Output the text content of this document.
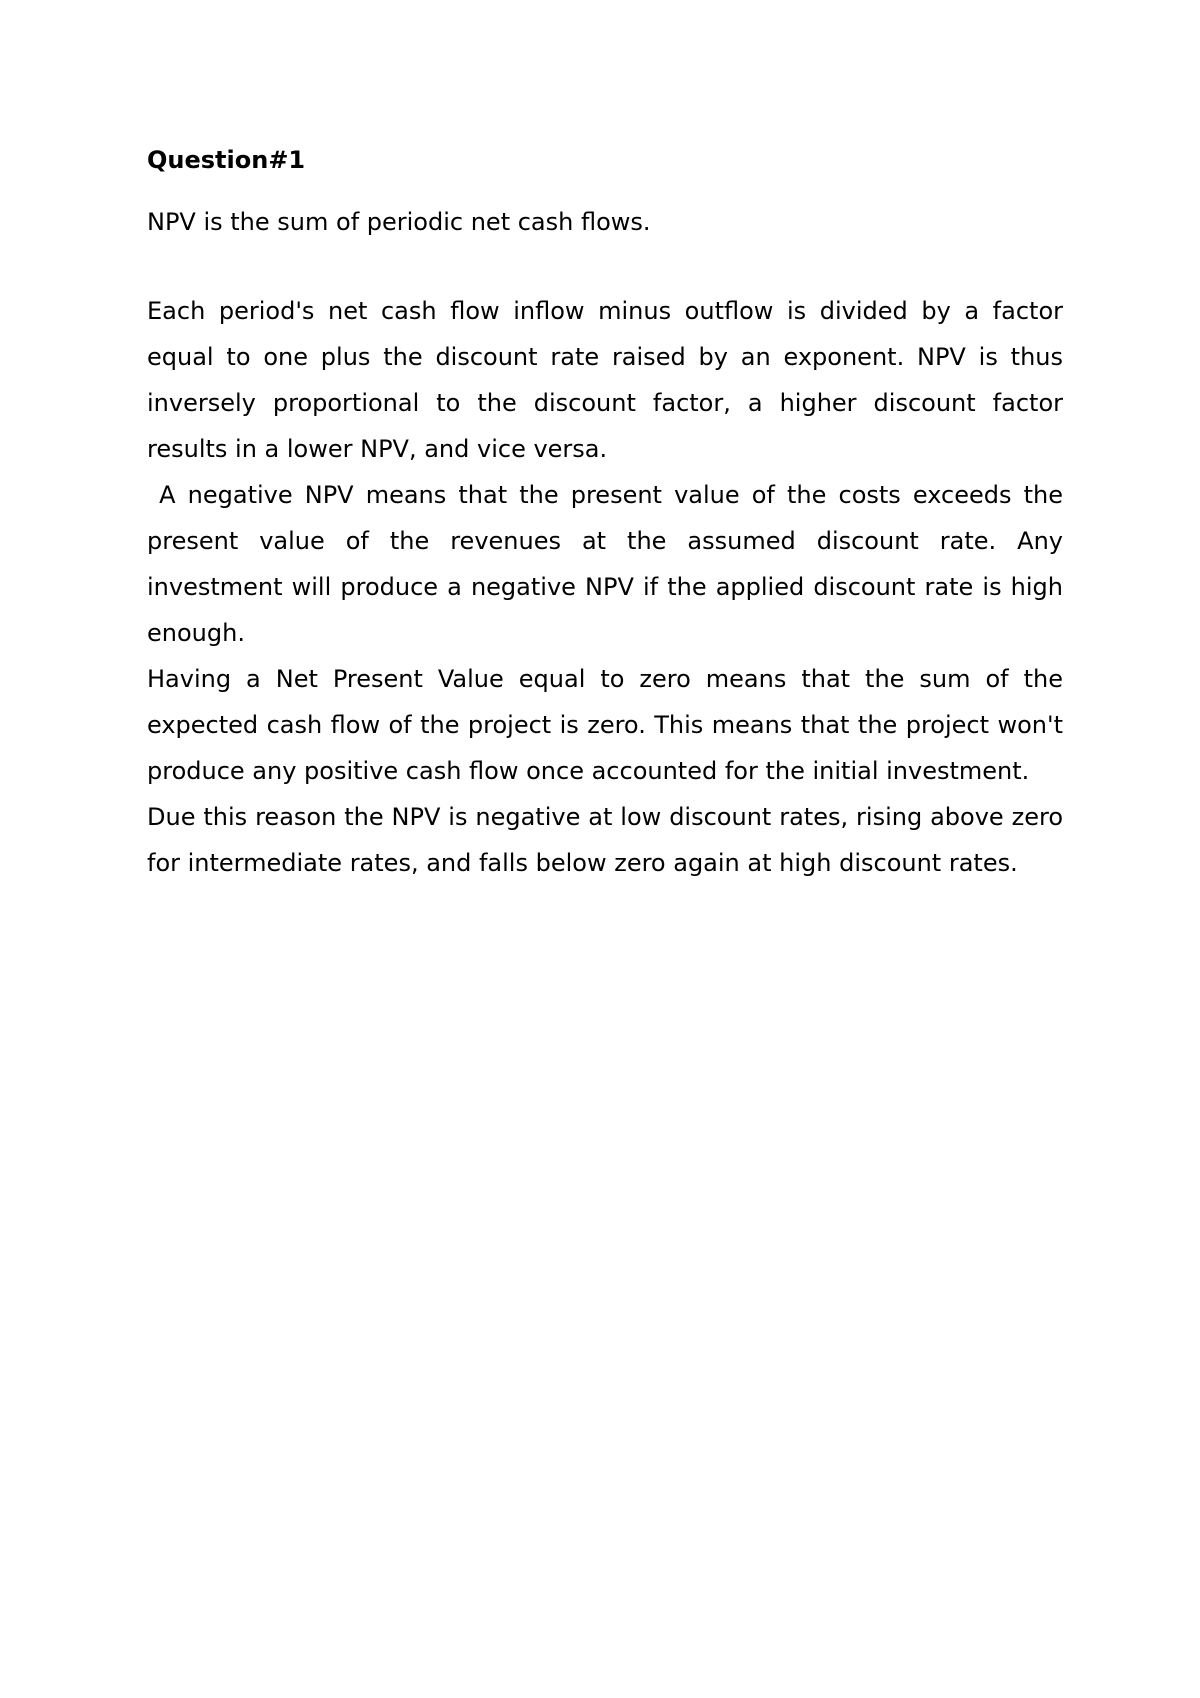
Question#1

NPV is the sum of periodic net cash flows.

Each period's net cash flow inflow minus outflow is divided by a factor equal to one plus the discount rate raised by an exponent. NPV is thus inversely proportional to the discount factor, a higher discount factor results in a lower NPV, and vice versa.

A negative NPV means that the present value of the costs exceeds the present value of the revenues at the assumed discount rate. Any investment will produce a negative NPV if the applied discount rate is high enough.

Having a Net Present Value equal to zero means that the sum of the expected cash flow of the project is zero. This means that the project won't produce any positive cash flow once accounted for the initial investment.

Due this reason the NPV is negative at low discount rates, rising above zero for intermediate rates, and falls below zero again at high discount rates.
